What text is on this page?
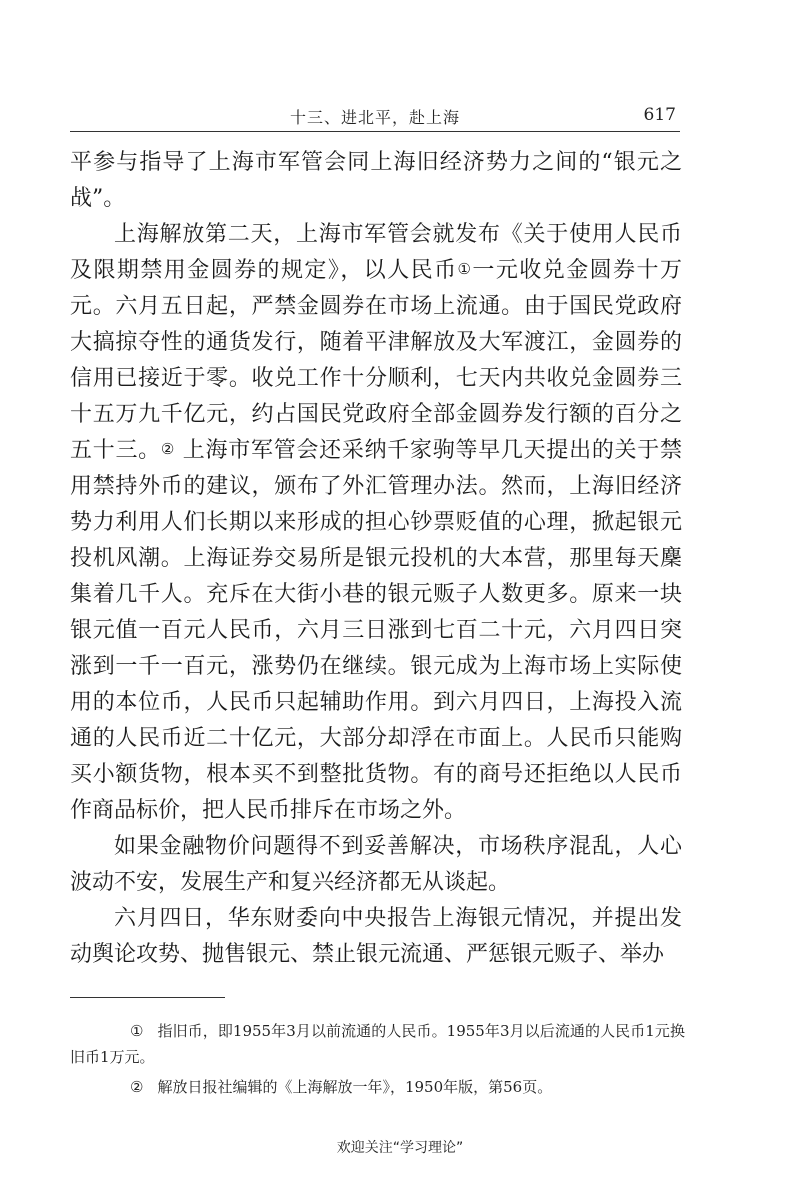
十三、进北平，赴上海	617

平参与指导了上海市军管会同上海旧经济势力之间的“银元之战”。

上海解放第二天，上海市军管会就发布《关于使用人民币及限期禁用金圆券的规定》，以人民币①一元收兑金圆券十万元。六月五日起，严禁金圆券在市场上流通。由于国民党政府大搞掠夺性的通货发行，随着平津解放及大军渡江，金圆券的信用已接近于零。收兑工作十分顺利，七天内共收兑金圆券三十五万九千亿元，约占国民党政府全部金圆券发行额的百分之五十三。② 上海市军管会还采纳千家驹等早几天提出的关于禁用禁持外币的建议，颁布了外汇管理办法。然而，上海旧经济势力利用人们长期以来形成的担心钞票贬值的心理，掀起银元投机风潮。上海证券交易所是银元投机的大本营，那里每天麇集着几千人。充斥在大街小巷的银元贩子人数更多。原来一块银元值一百元人民币，六月三日涨到七百二十元，六月四日突涨到一千一百元，涨势仍在继续。银元成为上海市场上实际使用的本位币，人民币只起辅助作用。到六月四日，上海投入流通的人民币近二十亿元，大部分却浮在市面上。人民币只能购买小额货物，根本买不到整批货物。有的商号还拒绝以人民币作商品标价，把人民币排斥在市场之外。

如果金融物价问题得不到妥善解决，市场秩序混乱，人心波动不安，发展生产和复兴经济都无从谈起。

六月四日，华东财委向中央报告上海银元情况，并提出发动舆论攻势、抛售银元、禁止银元流通、严惩银元贩子、举办

① 指旧币，即1955年3月以前流通的人民币。1955年3月以后流通的人民币1元换旧币1万元。

② 解放日报社编辑的《上海解放一年》，1950年版，第56页。

欢迎关注“学习理论”
